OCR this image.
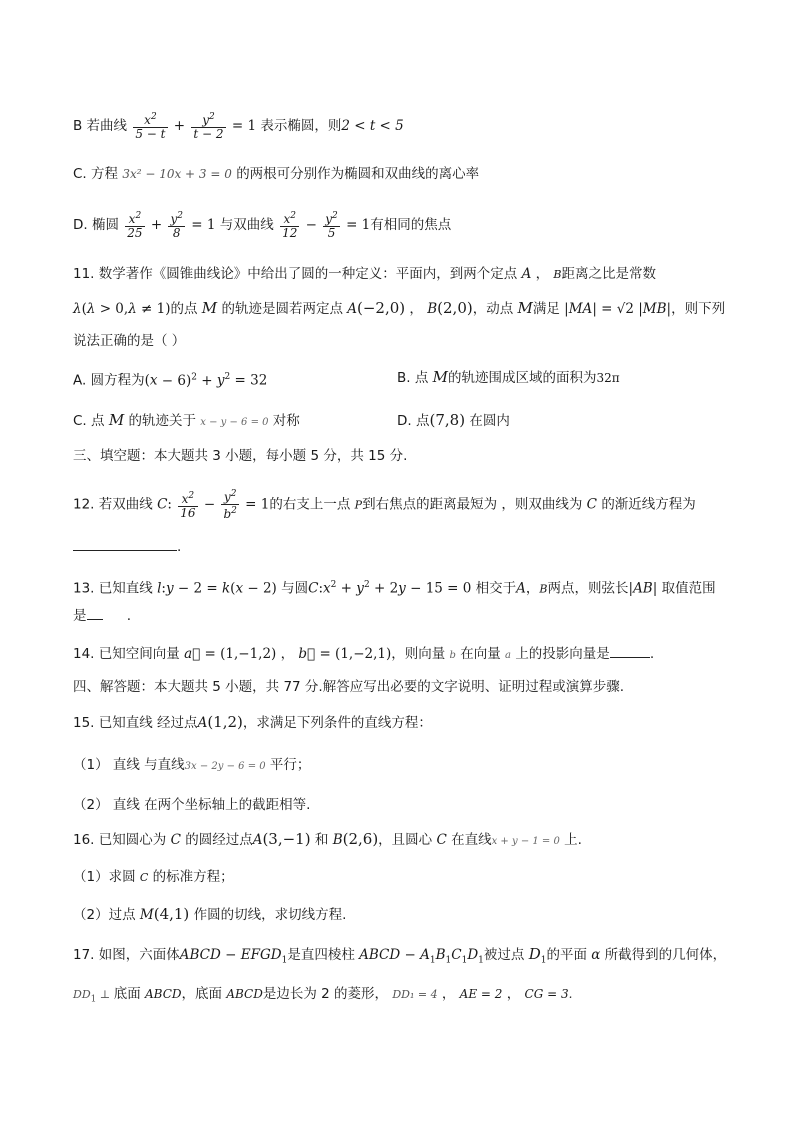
B 若曲线 $\frac{x^2}{5 - t} + \frac{y^2}{t - 2} = 1$ 表示椭圆，则2 < t < 5
C. 方程 3x² − 10x + 3 = 0 的两根可分别作为椭圆和双曲线的离心率
D. 椭圆 $\frac{x^2}{25} + \frac{y^2}{8} = 1$ 与双曲线 $\frac{x^2}{12} - \frac{y^2}{5} = 1$有相同的焦点
11. 数学著作《圆锥曲线论》中给出了圆的一种定义：平面内，到两个定点 A ， B距离之比是常数
λ(λ > 0,λ ≠ 1)的点 M 的轨迹是圆若两定点 A(−2,0) ， B(2,0)，动点 M满足 |MA| = √2 |MB|，则下列
说法正确的是（ ）
A. 圆方程为$(x - 6)^2 + y^2 = 32$	B. 点 M的轨迹围成区域的面积为32π
C. 点 M 的轨迹关于 x − y − 6 = 0 对称	D. 点(7,8) 在圆内
三、填空题：本大题共 3 小题，每小题 5 分，共 15 分.
12. 若双曲线 C: $\frac{x^2}{16} - \frac{y^2}{b^2} = 1$的右支上一点 P到右焦点的距离最短为 ，则双曲线为 C 的渐近线方程为
.
13. 已知直线 l:y − 2 = k(x − 2) 与圆$C:x^2 + y^2 + 2y - 15 = 0$ 相交于A，B两点，则弦长|AB| 取值范围
是	.
14. 已知空间向量 a⃗ = (1,−1,2) ， b⃗ = (1,−2,1)，则向量 b 在向量 a 上的投影向量是	.
四、解答题：本大题共 5 小题，共 77 分.解答应写出必要的文字说明、证明过程或演算步骤.
15. 已知直线 经过点A(1,2)，求满足下列条件的直线方程：
（1） 直线 与直线3x − 2y − 6 = 0 平行；
（2） 直线 在两个坐标轴上的截距相等.
16. 已知圆心为 C 的圆经过点A(3,−1) 和 B(2,6)，且圆心 C 在直线x + y − 1 = 0 上.
（1）求圆 C 的标准方程；
（2）过点 M(4,1) 作圆的切线，求切线方程.
17. 如图，六面体ABCD − $EFGD_1$是直四棱柱 ABCD − $A_1B_1C_1D_1$被过点 $D_1$的平面 α 所截得到的几何体，
$DD_1$ ⊥ 底面 ABCD，底面 ABCD是边长为 2 的菱形， DD₁ = 4 ， AE = 2 ， CG = 3.
